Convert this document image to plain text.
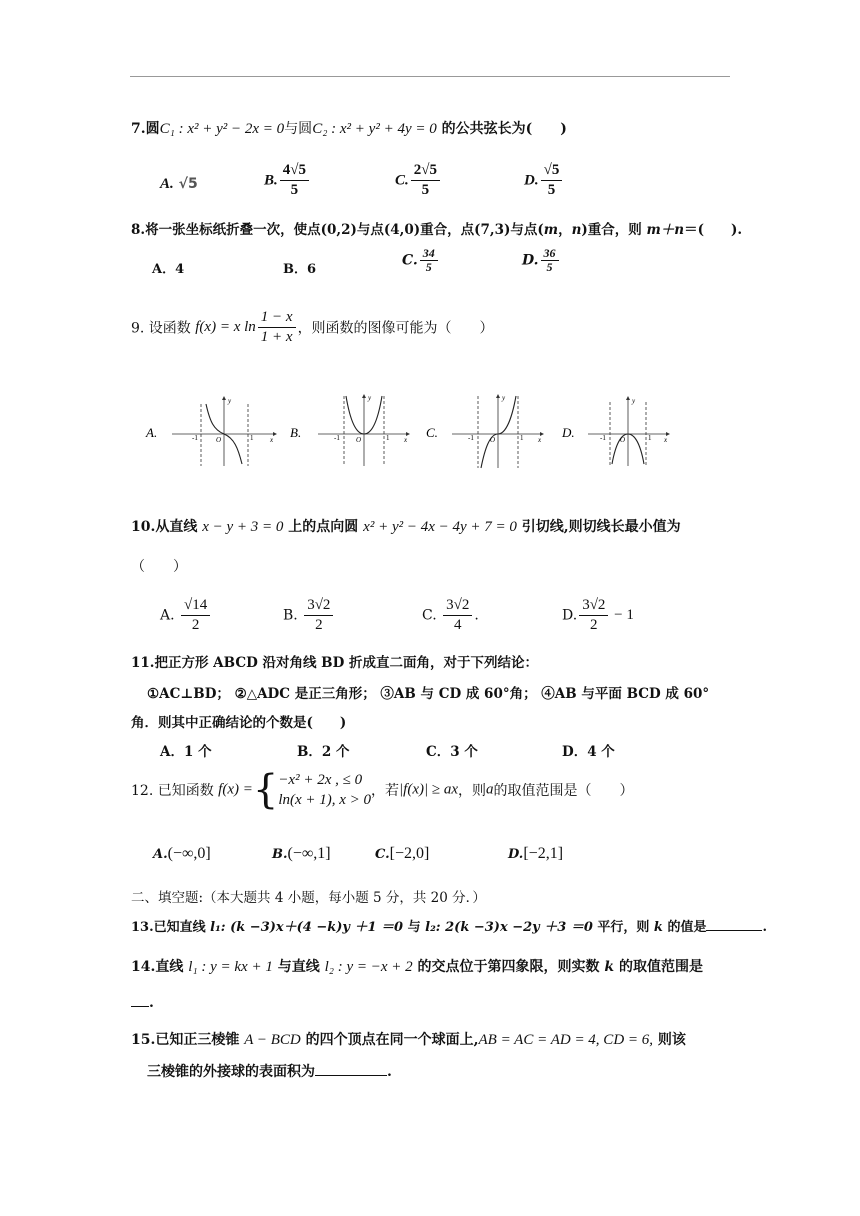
7.圆C₁ : x² + y² − 2x = 0与圆C₂ : x² + y² + 4y = 0 的公共弦长为(　　)
A. √5	B. $\frac{4√5}{5}$	C. $\frac{2√5}{5}$	D. $\frac{√5}{5}$
8.将一张坐标纸折叠一次，使点(0,2)与点(4,0)重合，点(7,3)与点(m，n)重合，则 m＋n＝(　　).
A．4	B．6
C. $\frac{34}{5}$	D. $\frac{36}{5}$
9. 设函数 f(x) = x $\ln \frac{1 - x}{1 + x}$ ，则函数的图像可能为（　　）
A.
y
-1	O	1 x B.
y
-1 O	1 x C.
y
-1 O	1 x D.
y
-1 O	1 x
10.从直线 x − y + 3 = 0 上的点向圆 x² + y² − 4x − 4y + 7 = 0 引切线,则切线长最小值为
（　　）
A. $\frac{√14}{2}$	B. $\frac{3√2}{2}$	C. $\frac{3√2}{4}$ .	D. $\frac{3√2}{2} - 1$
11.把正方形 ABCD 沿对角线 BD 折成直二面角，对于下列结论：
①AC⊥BD； ②△ADC 是正三角形； ③AB 与 CD 成 60°角； ④AB 与平面 BCD 成 60°
角．则其中正确结论的个数是(　　)
A．1 个	B．2 个	C．3 个	D．4 个
12. 已知函数 f(x) ={ −x² + 2x , ≤ 0
ln(x + 1), x > 0
，若|f(x)| ≥ ax，则a的取值范围是（　　）
A.(−∞,0]	B.(−∞,1]	C.[−2,0]	D.[−2,1]
二、填空题:（本大题共 4 小题，每小题 5 分，共 20 分．）
13.已知直线 l₁: (k −3)x＋(4 −k)y ＋1 ＝0 与 l₂: 2(k −3)x −2y ＋3 ＝0 平行，则 k 的值是	.
14.直线 l₁ : y = kx + 1 与直线 l₂ : y = −x + 2 的交点位于第四象限，则实数 k 的取值范围是
.
15.已知正三棱锥 A − BCD 的四个顶点在同一个球面上,AB = AC = AD = 4, CD = 6, 则该
三棱锥的外接球的表面积为	.
